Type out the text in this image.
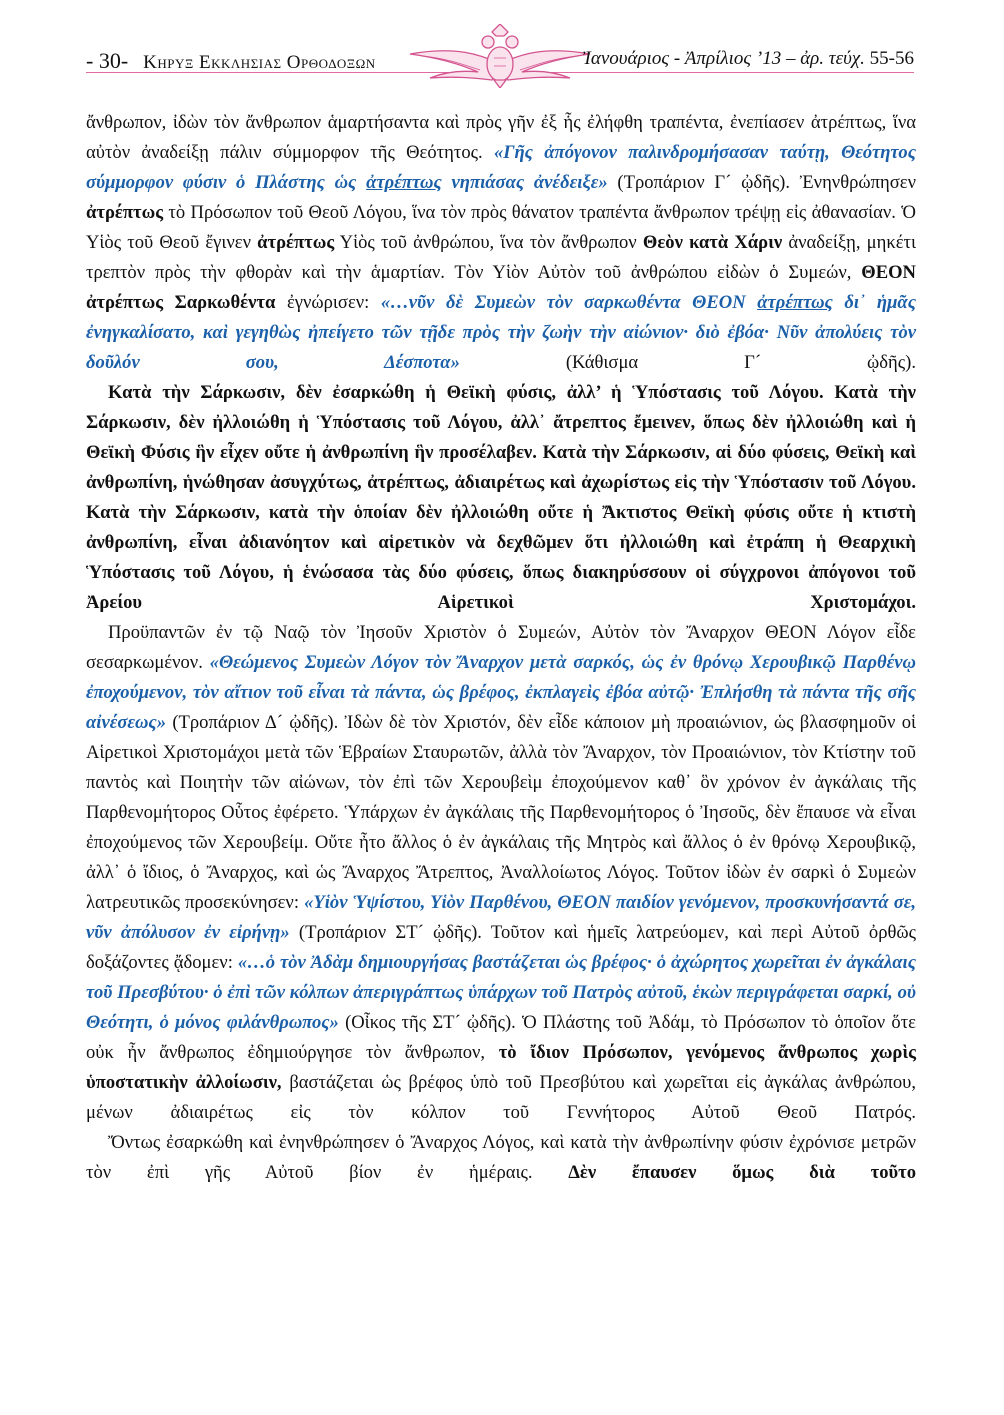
- 30- Κηρυξ Εκκλησιας Ορθοδοξων	Ἰανουάριος - Ἀπρίλιος ’13 – ἀρ. τεύχ. 55-56

ἄνθρωπον, ἰδὼν τὸν ἄνθρωπον ἁμαρτήσαντα καὶ πρὸς γῆν ἐξ ἧς ἐλήφθη τραπέντα, ἐνεπίασεν ἀτρέπτως, ἵνα αὐτὸν ἀναδείξῃ πάλιν σύμμορφον τῆς Θεότητος. «Γῆς ἀπόγονον παλινδρομήσασαν ταύτῃ, Θεότητος σύμμορφον φύσιν ὁ Πλάστης ὡς ἀτρέπτως νηπιάσας ἀνέδειξε» (Τροπάριον Γ´ ᾠδῆς). Ἐνηνθρώπησεν ἀτρέπτως τὸ Πρόσωπον τοῦ Θεοῦ Λόγου, ἵνα τὸν πρὸς θάνατον τραπέντα ἄνθρωπον τρέψῃ εἰς ἀθανασίαν. Ὁ Υἱὸς τοῦ Θεοῦ ἔγινεν ἀτρέπτως Υἱὸς τοῦ ἀνθρώπου, ἵνα τὸν ἄνθρωπον Θεὸν κατὰ Χάριν ἀναδείξῃ, μηκέτι τρεπτὸν πρὸς τὴν φθορὰν καὶ τὴν ἁμαρτίαν. Τὸν Υἱὸν Αὐτὸν τοῦ ἀνθρώπου εἰδὼν ὁ Συμεών, ΘΕΟΝ ἀτρέπτως Σαρκωθέντα ἐγνώρισεν: «…νῦν δὲ Συμεὼν τὸν σαρκωθέντα ΘΕΟΝ ἀτρέπτως δι᾽ ἡμᾶς ἐνηγκαλίσατο, καὶ γεγηθὼς ἠπείγετο τῶν τῇδε πρὸς τὴν ζωὴν τὴν αἰώνιον· διὸ ἐβόα· Νῦν ἀπολύεις τὸν δοῦλόν σου, Δέσποτα» (Κάθισμα Γ´ ᾠδῆς).

Κατὰ τὴν Σάρκωσιν, δὲν ἐσαρκώθη ἡ Θεϊκὴ φύσις, ἀλλ’ ἡ Ὑπόστασις τοῦ Λόγου. Κατὰ τὴν Σάρκωσιν, δὲν ἠλλοιώθη ἡ Ὑπόστασις τοῦ Λόγου, ἀλλ᾽ ἄτρεπτος ἔμεινεν, ὅπως δὲν ἠλλοιώθη καὶ ἡ Θεϊκὴ Φύσις ἣν εἶχεν οὔτε ἡ ἀνθρωπίνη ἣν προσέλαβεν. Κατὰ τὴν Σάρκωσιν, αἱ δύο φύσεις, Θεϊκὴ καὶ ἀνθρωπίνη, ἡνώθησαν ἀσυγχύτως, ἀτρέπτως, ἀδιαιρέτως καὶ ἀχωρίστως εἰς τὴν Ὑπόστασιν τοῦ Λόγου. Κατὰ τὴν Σάρκωσιν, κατὰ τὴν ὁποίαν δὲν ἠλλοιώθη οὔτε ἡ Ἄκτιστος Θεϊκὴ φύσις οὔτε ἡ κτιστὴ ἀνθρωπίνη, εἶναι ἀδιανόητον καὶ αἱρετικὸν νὰ δεχθῶμεν ὅτι ἠλλοιώθη καὶ ἐτράπη ἡ Θεαρχικὴ Ὑπόστασις τοῦ Λόγου, ἡ ἑνώσασα τὰς δύο φύσεις, ὅπως διακηρύσσουν οἱ σύγχρονοι ἀπόγονοι τοῦ Ἀρείου Αἱρετικοὶ Χριστομάχοι.

Προϋπαντῶν ἐν τῷ Ναῷ τὸν Ἰησοῦν Χριστὸν ὁ Συμεών, Αὐτὸν τὸν Ἄναρχον ΘΕΟΝ Λόγον εἶδε σεσαρκωμένον. «Θεώμενος Συμεὼν Λόγον τὸν Ἄναρχον μετὰ σαρκός, ὡς ἐν θρόνῳ Χερουβικῷ Παρθένῳ ἐποχούμενον, τὸν αἴτιον τοῦ εἶναι τὰ πάντα, ὡς βρέφος, ἐκπλαγεὶς ἐβόα αὐτῷ· Ἐπλήσθη τὰ πάντα τῆς σῆς αἰνέσεως» (Τροπάριον Δ´ ᾠδῆς). Ἰδὼν δὲ τὸν Χριστόν, δὲν εἶδε κάποιον μὴ προαιώνιον, ὡς βλασφημοῦν οἱ Αἱρετικοὶ Χριστομάχοι μετὰ τῶν Ἑβραίων Σταυρωτῶν, ἀλλὰ τὸν Ἄναρχον, τὸν Προαιώνιον, τὸν Κτίστην τοῦ παντὸς καὶ Ποιητὴν τῶν αἰώνων, τὸν ἐπὶ τῶν Χερουβεὶμ ἐποχούμενον καθ᾽ ὃν χρόνον ἐν ἀγκάλαις τῆς Παρθενομήτορος Οὗτος ἐφέρετο. Ὑπάρχων ἐν ἀγκάλαις τῆς Παρθενομήτορος ὁ Ἰησοῦς, δὲν ἔπαυσε νὰ εἶναι ἐποχούμενος τῶν Χερουβείμ. Οὔτε ἦτο ἄλλος ὁ ἐν ἀγκάλαις τῆς Μητρὸς καὶ ἄλλος ὁ ἐν θρόνῳ Χερουβικῷ, ἀλλ᾽ ὁ ἴδιος, ὁ Ἄναρχος, καὶ ὡς Ἄναρχος Ἄτρεπτος, Ἀναλλοίωτος Λόγος. Τοῦτον ἰδὼν ἐν σαρκὶ ὁ Συμεὼν λατρευτικῶς προσεκύνησεν: «Υἱὸν Ὑψίστου, Υἱὸν Παρθένου, ΘΕΟΝ παιδίον γενόμενον, προσκυνήσαντά σε, νῦν ἀπόλυσον ἐν εἰρήνῃ» (Τροπάριον ΣΤ´ ᾠδῆς). Τοῦτον καὶ ἡμεῖς λατρεύομεν, καὶ περὶ Αὐτοῦ ὀρθῶς δοξάζοντες ᾄδομεν: «…ὁ τὸν Ἀδὰμ δημιουργήσας βαστάζεται ὡς βρέφος· ὁ ἀχώρητος χωρεῖται ἐν ἀγκάλαις τοῦ Πρεσβύτου· ὁ ἐπὶ τῶν κόλπων ἀπεριγράπτως ὑπάρχων τοῦ Πατρὸς αὐτοῦ, ἑκὼν περιγράφεται σαρκί, οὐ Θεότητι, ὁ μόνος φιλάνθρωπος» (Οἶκος τῆς ΣΤ´ ᾠδῆς). Ὁ Πλάστης τοῦ Ἀδάμ, τὸ Πρόσωπον τὸ ὁποῖον ὅτε οὐκ ἦν ἄνθρωπος ἐδημιούργησε τὸν ἄνθρωπον, τὸ ἴδιον Πρόσωπον, γενόμενος ἄνθρωπος χωρὶς ὑποστατικὴν ἀλλοίωσιν, βαστάζεται ὡς βρέφος ὑπὸ τοῦ Πρεσβύτου καὶ χωρεῖται εἰς ἀγκάλας ἀνθρώπου, μένων ἀδιαιρέτως εἰς τὸν κόλπον τοῦ Γεννήτορος Αὐτοῦ Θεοῦ Πατρός.

Ὄντως ἐσαρκώθη καὶ ἐνηνθρώπησεν ὁ Ἄναρχος Λόγος, καὶ κατὰ τὴν ἀνθρωπίνην φύσιν ἐχρόνισε μετρῶν τὸν ἐπὶ γῆς Αὐτοῦ βίον ἐν ἡμέραις. Δὲν ἔπαυσεν ὅμως διὰ τοῦτο
